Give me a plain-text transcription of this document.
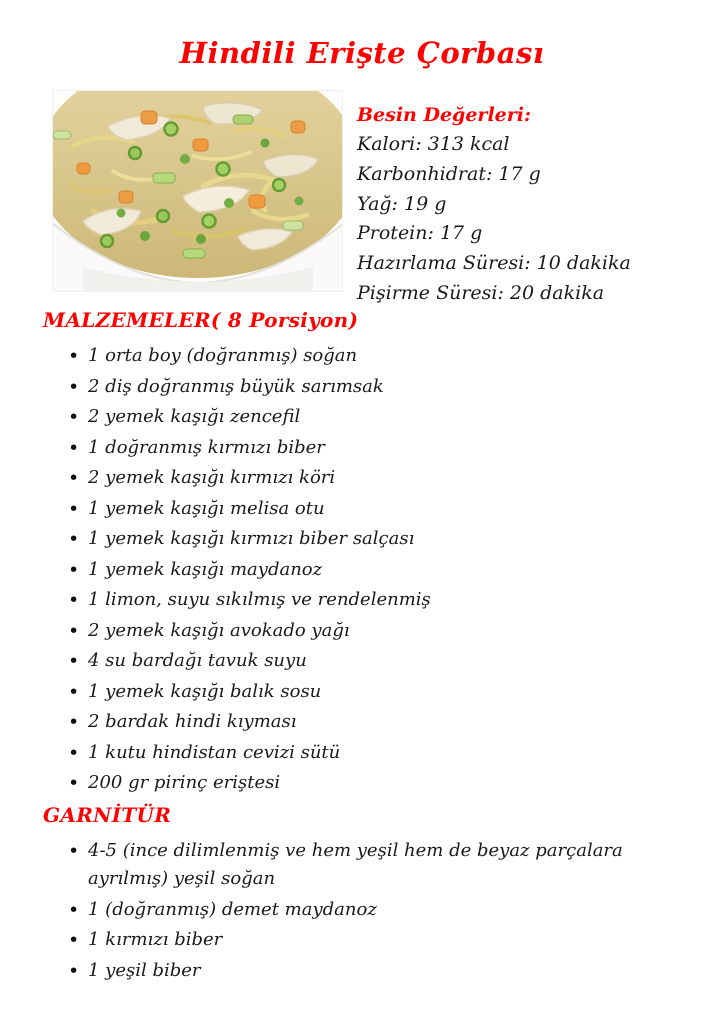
Hindili Erişte Çorbası
Besin Değerleri:
Kalori: 313 kcal
Karbonhidrat: 17 g
Yağ: 19 g
Protein: 17 g
Hazırlama Süresi: 10 dakika
Pişirme Süresi: 20 dakika
MALZEMELER( 8 Porsiyon)
• 1 orta boy (doğranmış) soğan
• 2 diş doğranmış büyük sarımsak
• 2 yemek kaşığı zencefil
• 1 doğranmış kırmızı biber
• 2 yemek kaşığı kırmızı köri
• 1 yemek kaşığı melisa otu
• 1 yemek kaşığı kırmızı biber salçası
• 1 yemek kaşığı maydanoz
• 1 limon, suyu sıkılmış ve rendelenmiş
• 2 yemek kaşığı avokado yağı
• 4 su bardağı tavuk suyu
• 1 yemek kaşığı balık sosu
• 2 bardak hindi kıyması
• 1 kutu hindistan cevizi sütü
• 200 gr pirinç eriştesi
GARNİTÜR
• 4-5 (ince dilimlenmiş ve hem yeşil hem de beyaz parçalara ayrılmış) yeşil soğan
• 1 (doğranmış) demet maydanoz
• 1 kırmızı biber
• 1 yeşil biber
